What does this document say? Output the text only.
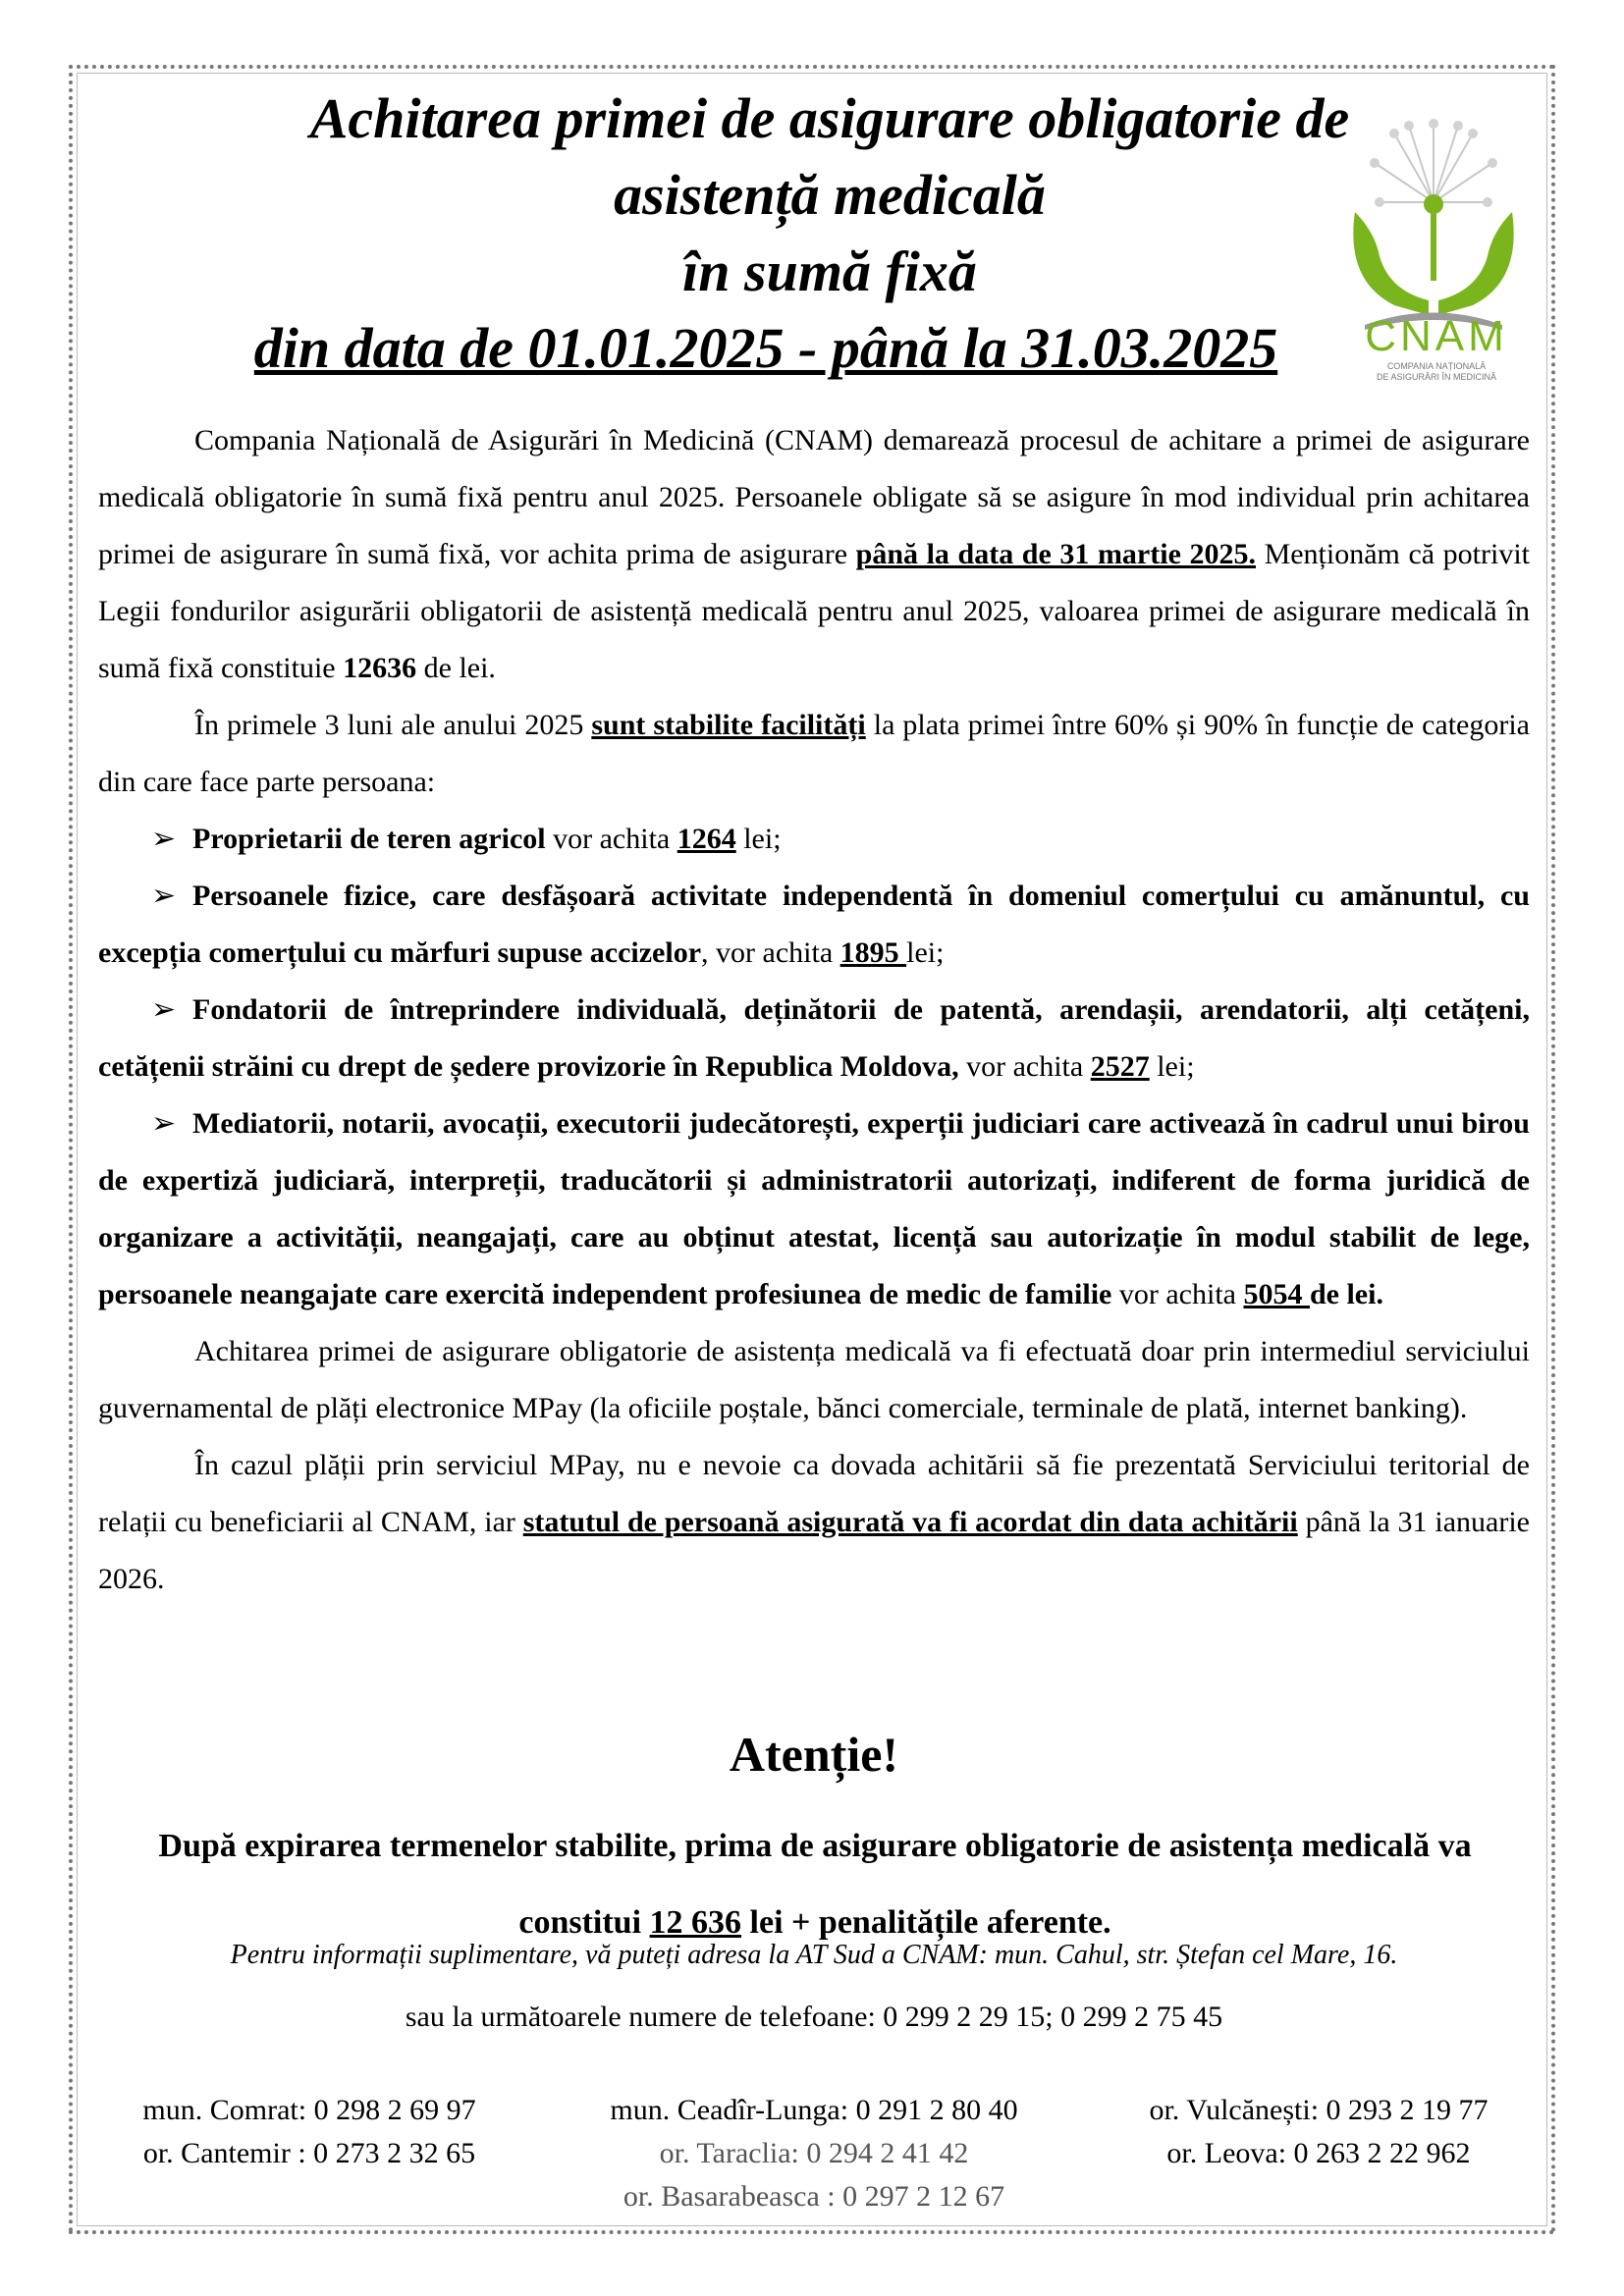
Achitarea primei de asigurare obligatorie de
asistență medicală
în sumă fixă
din data de 01.01.2025 - până la 31.03.2025	CNAM
COMPANIA NAȚIONALĂ
DE ASIGURĂRI ÎN MEDICINĂ

Compania Națională de Asigurări în Medicină (CNAM) demarează procesul de achitare a primei de asigurare medicală obligatorie în sumă fixă pentru anul 2025. Persoanele obligate să se asigure în mod individual prin achitarea primei de asigurare în sumă fixă, vor achita prima de asigurare până la data de 31 martie 2025. Menționăm că potrivit Legii fondurilor asigurării obligatorii de asistență medicală pentru anul 2025, valoarea primei de asigurare medicală în sumă fixă constituie 12636 de lei.

În primele 3 luni ale anului 2025 sunt stabilite facilități la plata primei între 60% și 90% în funcție de categoria din care face parte persoana:

➢ Proprietarii de teren agricol vor achita 1264 lei;

➢ Persoanele fizice, care desfășoară activitate independentă în domeniul comerțului cu amănuntul, cu excepția comerțului cu mărfuri supuse accizelor, vor achita 1895 lei;

➢ Fondatorii de întreprindere individuală, deținătorii de patentă, arendașii, arendatorii, alți cetățeni, cetățenii străini cu drept de ședere provizorie în Republica Moldova, vor achita 2527 lei;

➢ Mediatorii, notarii, avocații, executorii judecătorești, experții judiciari care activează în cadrul unui birou de expertiză judiciară, interpreții, traducătorii și administratorii autorizați, indiferent de forma juridică de organizare a activității, neangajați, care au obținut atestat, licență sau autorizație în modul stabilit de lege, persoanele neangajate care exercită independent profesiunea de medic de familie vor achita 5054 de lei.

Achitarea primei de asigurare obligatorie de asistența medicală va fi efectuată doar prin intermediul serviciului guvernamental de plăți electronice MPay (la oficiile poștale, bănci comerciale, terminale de plată, internet banking).

În cazul plății prin serviciul MPay, nu e nevoie ca dovada achitării să fie prezentată Serviciului teritorial de relații cu beneficiarii al CNAM, iar statutul de persoană asigurată va fi acordat din data achitării până la 31 ianuarie 2026.

Atenție!
După expirarea termenelor stabilite, prima de asigurare obligatorie de asistența medicală va constitui 12 636 lei + penalitățile aferente.
Pentru informații suplimentare, vă puteți adresa la AT Sud a CNAM: mun. Cahul, str. Ștefan cel Mare, 16.
sau la următoarele numere de telefoane: 0 299 2 29 15; 0 299 2 75 45
mun. Comrat: 0 298 2 69 97	mun. Ceadîr-Lunga: 0 291 2 80 40	or. Vulcănești: 0 293 2 19 77
or. Cantemir : 0 273 2 32 65	or. Taraclia: 0 294 2 41 42	or. Leova: 0 263 2 22 962
or. Basarabeasca : 0 297 2 12 67
